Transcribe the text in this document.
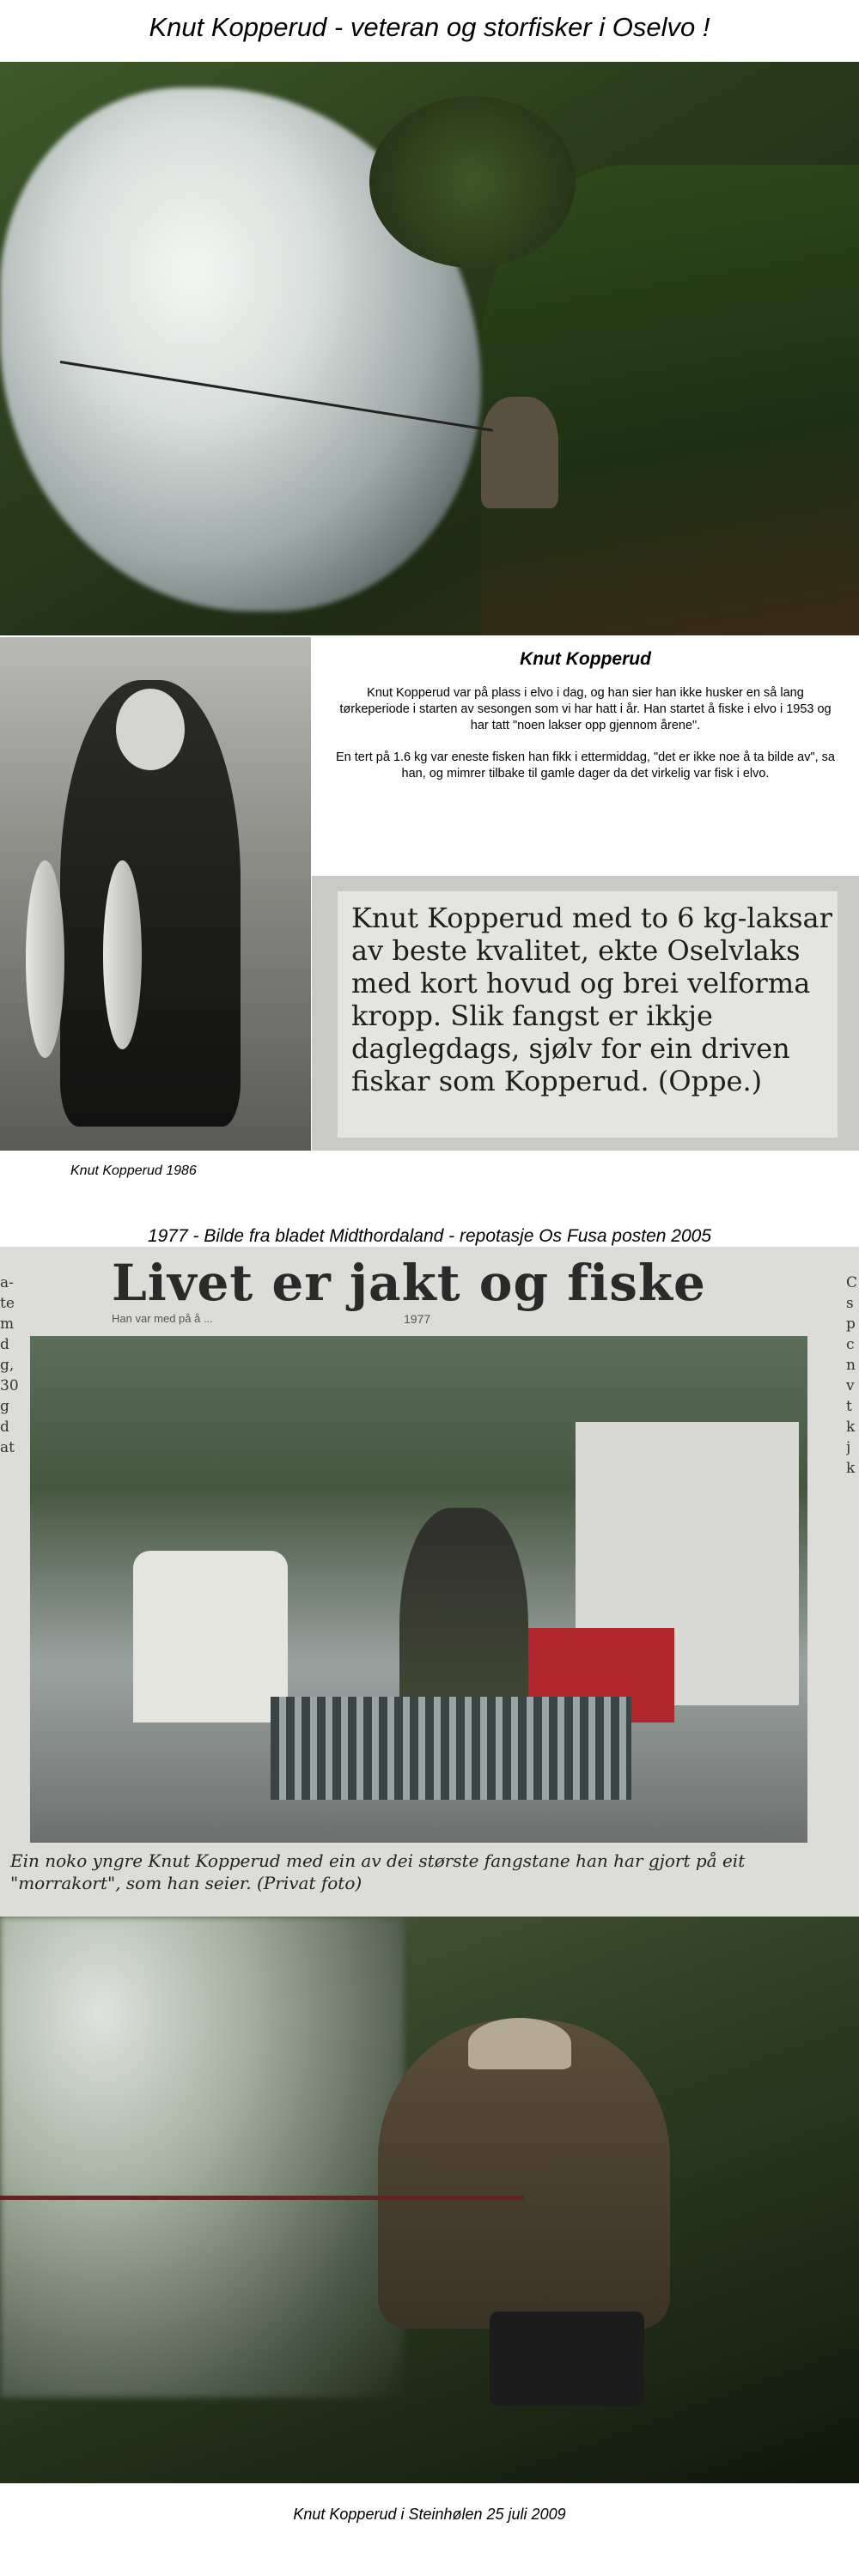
Knut Kopperud - veteran og storfisker i Oselvo !
Knut Kopperud
Knut Kopperud var på plass i elvo i dag, og han sier han ikke husker en så lang tørkeperiode i starten av sesongen som vi har hatt i år. Han startet å fiske i elvo i 1953 og har tatt "noen lakser opp gjennom årene".
En tert på 1.6 kg var eneste fisken han fikk i ettermiddag, "det er ikke noe å ta bilde av", sa han, og mimrer tilbake til gamle dager da det virkelig var fisk i elvo.
Knut Kopperud med to 6 kg-laksar av beste kvalitet, ekte Oselvlaks med kort hovud og brei velforma kropp. Slik fangst er ikkje daglegdags, sjølv for ein driven fiskar som Kopperud. (Oppe.)
Knut Kopperud 1986
1977 - Bilde fra bladet Midthordaland - repotasje Os Fusa posten 2005
Livet er jakt og fiske
Han var med på å ...	1977
a-
te
m
d
g,
30
g
d
at
C
s
p
c
n
v
t
k
j
k
Ein noko yngre Knut Kopperud med ein av dei største fangstane han har gjort på eit "morrakort", som han seier. (Privat foto)
Knut Kopperud i Steinhølen 25 juli 2009
